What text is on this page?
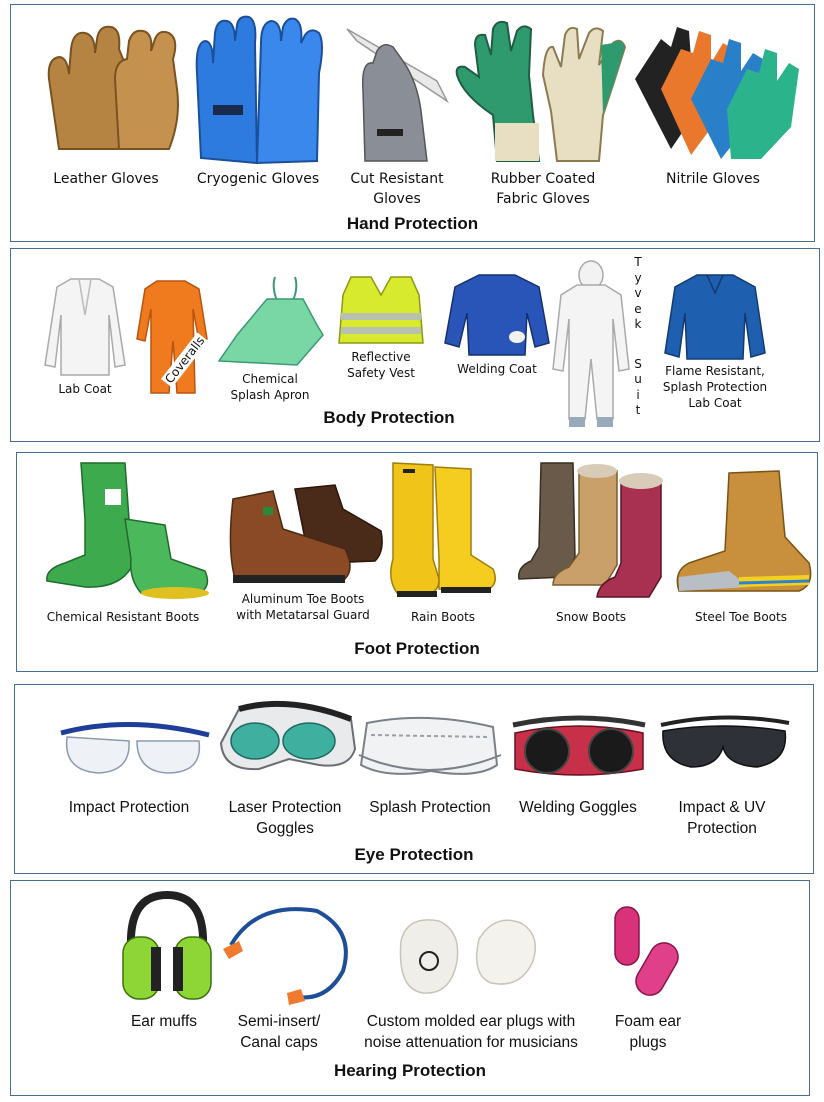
Leather Gloves	Cryogenic Gloves	Cut Resistant
Gloves
Rubber Coated
Fabric Gloves
Nitrile Gloves
Hand Protection
Lab Coat
Coveralls	Chemical
Splash Apron
Reflective
Safety Vest	Welding Coat
T
y
v
e
k
S
u
i
t
Flame Resistant,
Splash Protection
Lab Coat
Body Protection
Chemical Resistant Boots
Aluminum Toe Boots
with Metatarsal Guard	Rain Boots	Snow Boots	Steel Toe Boots
Foot Protection
Impact Protection	Laser Protection
Goggles
Splash Protection	Welding Goggles	Impact & UV
Protection
Eye Protection
Ear muffs	Semi-insert/
Canal caps
Custom molded ear plugs with
noise attenuation for musicians
Foam ear
plugs
Hearing Protection
